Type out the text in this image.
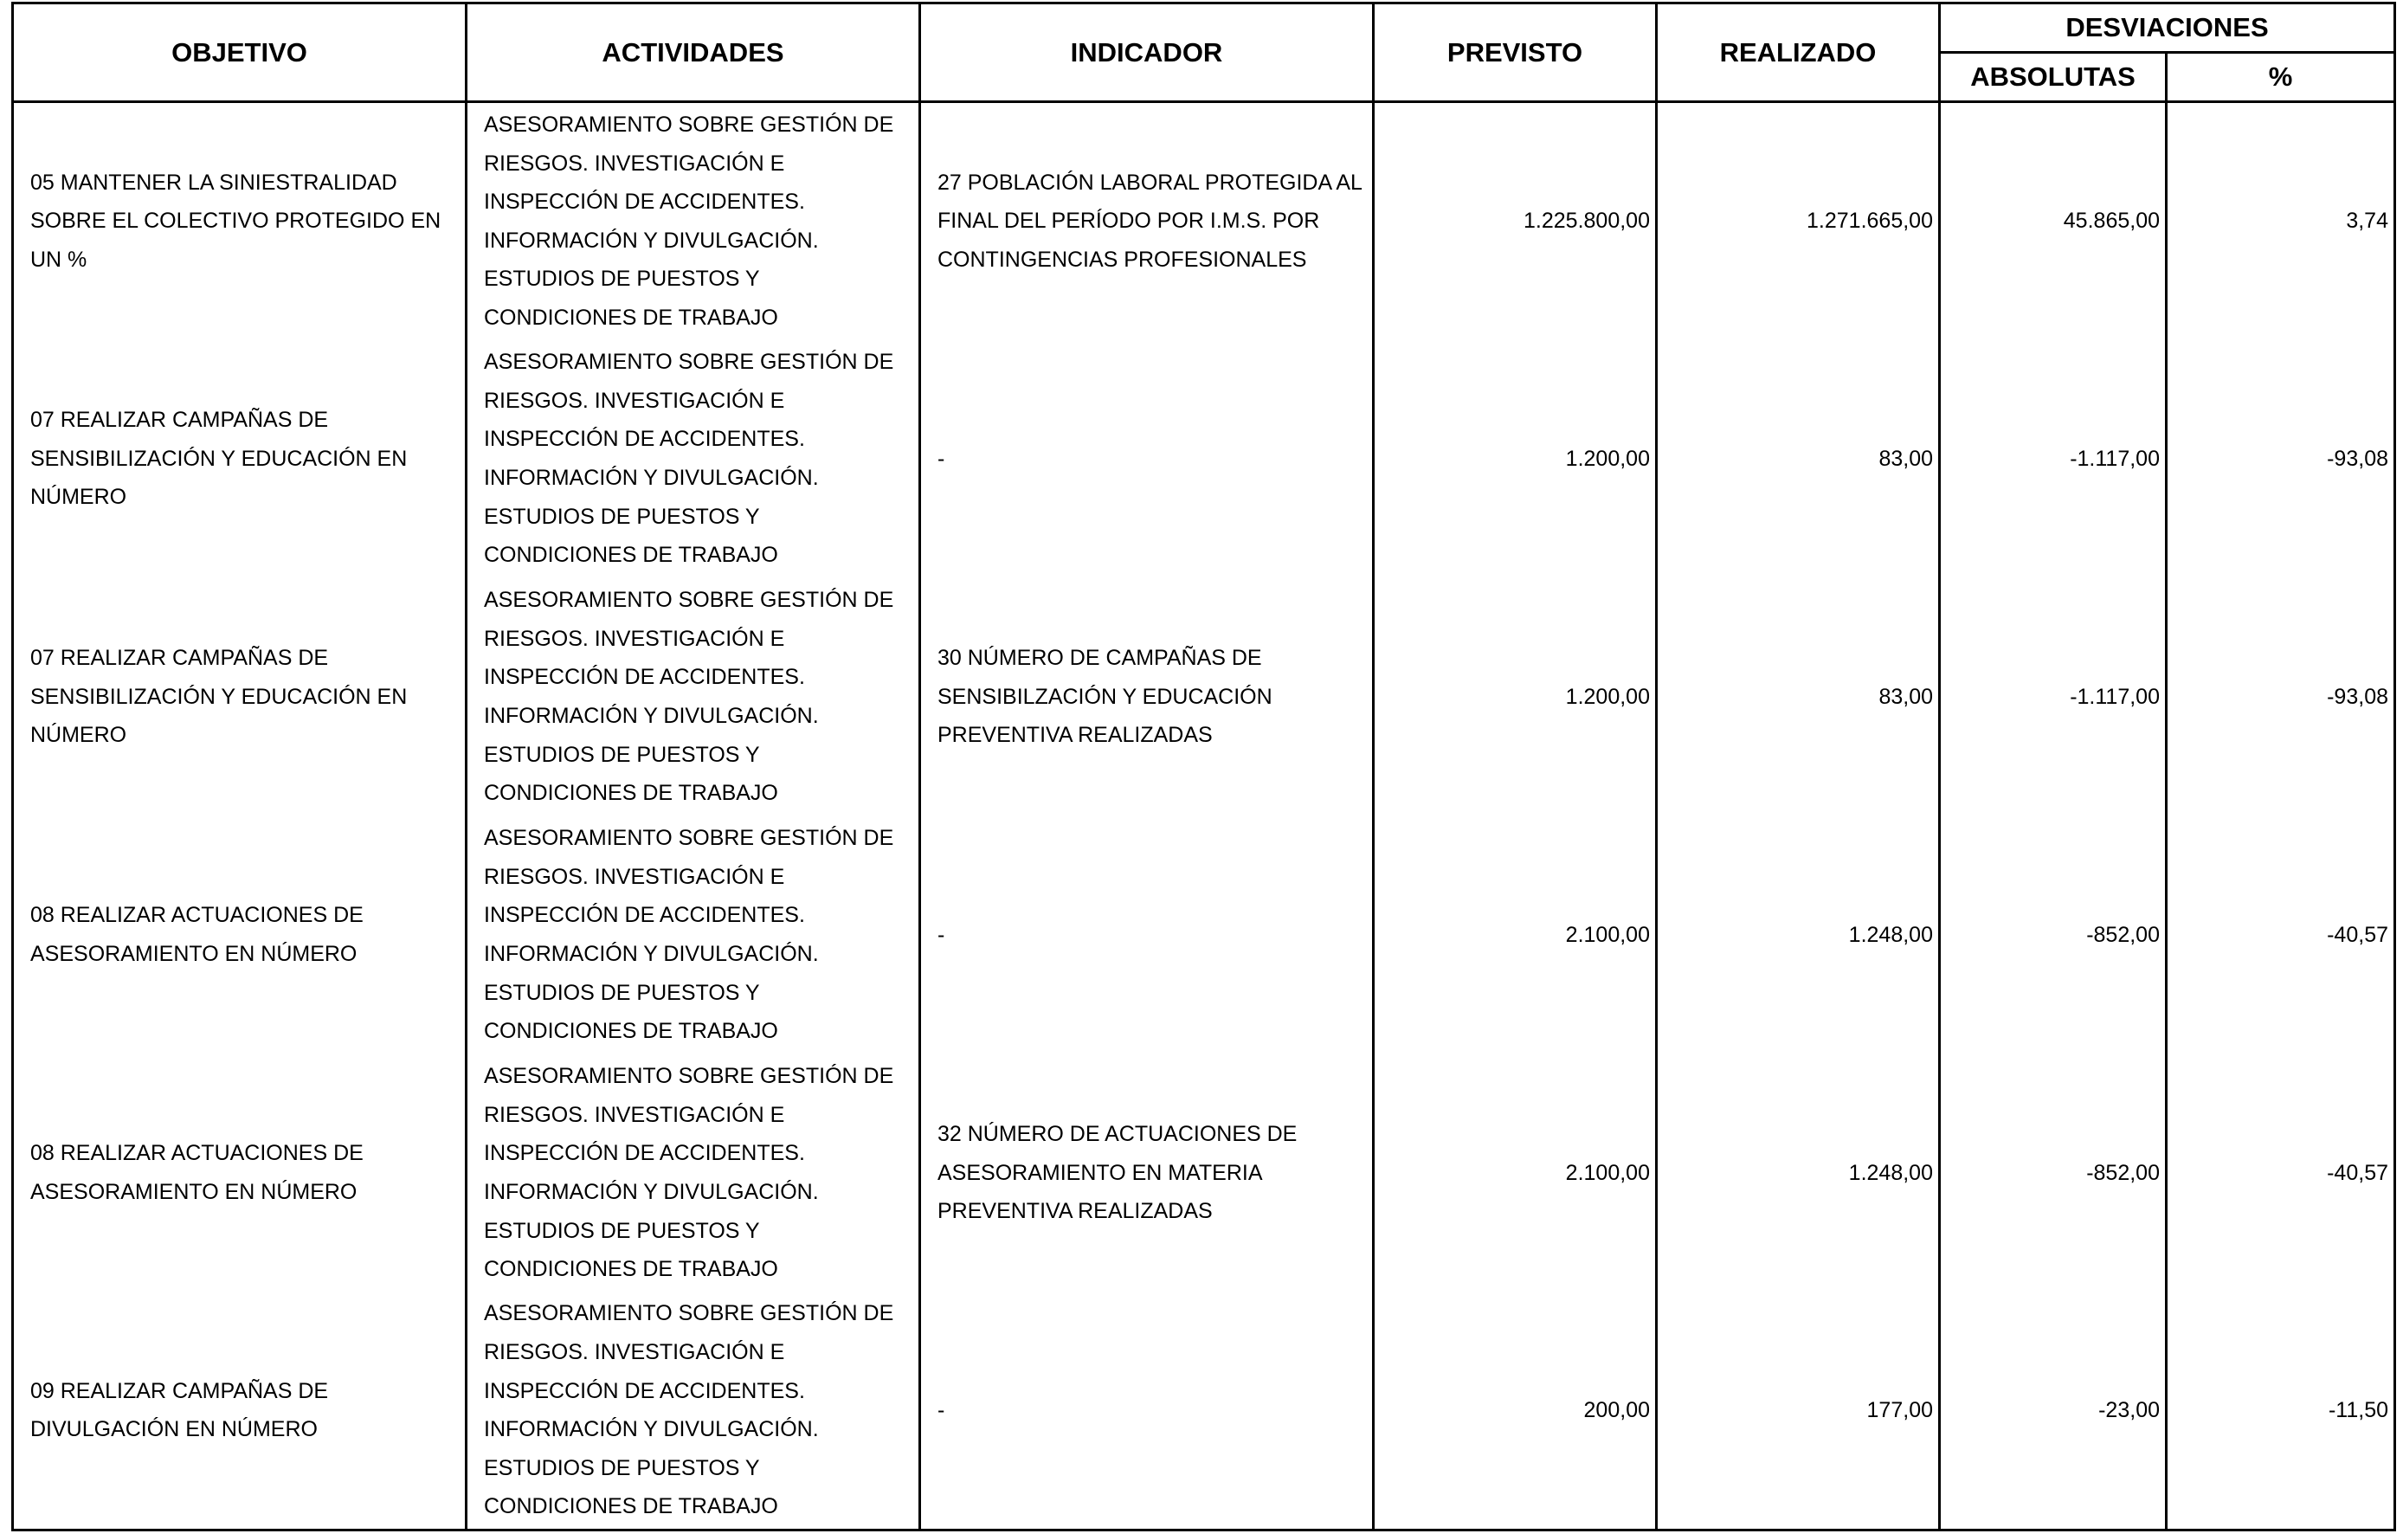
OBJETIVO	ACTIVIDADES	INDICADOR	PREVISTO	REALIZADO	DESVIACIONES	
					ABSOLUTAS	%
05 MANTENER LA SINIESTRALIDAD SOBRE EL COLECTIVO PROTEGIDO EN UN %	ASESORAMIENTO SOBRE GESTIÓN DE RIESGOS. INVESTIGACIÓN E INSPECCIÓN DE ACCIDENTES. INFORMACIÓN Y DIVULGACIÓN. ESTUDIOS DE PUESTOS Y CONDICIONES DE TRABAJO	27 POBLACIÓN LABORAL PROTEGIDA AL FINAL DEL PERÍODO POR I.M.S. POR CONTINGENCIAS PROFESIONALES	1.225.800,00	1.271.665,00	45.865,00	3,74
07 REALIZAR CAMPAÑAS DE SENSIBILIZACIÓN Y EDUCACIÓN EN NÚMERO	ASESORAMIENTO SOBRE GESTIÓN DE RIESGOS. INVESTIGACIÓN E INSPECCIÓN DE ACCIDENTES. INFORMACIÓN Y DIVULGACIÓN. ESTUDIOS DE PUESTOS Y CONDICIONES DE TRABAJO	-	1.200,00	83,00	-1.117,00	-93,08
07 REALIZAR CAMPAÑAS DE SENSIBILIZACIÓN Y EDUCACIÓN EN NÚMERO	ASESORAMIENTO SOBRE GESTIÓN DE RIESGOS. INVESTIGACIÓN E INSPECCIÓN DE ACCIDENTES. INFORMACIÓN Y DIVULGACIÓN. ESTUDIOS DE PUESTOS Y CONDICIONES DE TRABAJO	30 NÚMERO DE CAMPAÑAS DE SENSIBILZACIÓN Y EDUCACIÓN PREVENTIVA REALIZADAS	1.200,00	83,00	-1.117,00	-93,08
08 REALIZAR ACTUACIONES DE ASESORAMIENTO EN NÚMERO	ASESORAMIENTO SOBRE GESTIÓN DE RIESGOS. INVESTIGACIÓN E INSPECCIÓN DE ACCIDENTES. INFORMACIÓN Y DIVULGACIÓN. ESTUDIOS DE PUESTOS Y CONDICIONES DE TRABAJO	-	2.100,00	1.248,00	-852,00	-40,57
08 REALIZAR ACTUACIONES DE ASESORAMIENTO EN NÚMERO	ASESORAMIENTO SOBRE GESTIÓN DE RIESGOS. INVESTIGACIÓN E INSPECCIÓN DE ACCIDENTES. INFORMACIÓN Y DIVULGACIÓN. ESTUDIOS DE PUESTOS Y CONDICIONES DE TRABAJO	32 NÚMERO DE ACTUACIONES DE ASESORAMIENTO EN MATERIA PREVENTIVA REALIZADAS	2.100,00	1.248,00	-852,00	-40,57
09 REALIZAR CAMPAÑAS DE DIVULGACIÓN EN NÚMERO	ASESORAMIENTO SOBRE GESTIÓN DE RIESGOS. INVESTIGACIÓN E INSPECCIÓN DE ACCIDENTES. INFORMACIÓN Y DIVULGACIÓN. ESTUDIOS DE PUESTOS Y CONDICIONES DE TRABAJO	-	200,00	177,00	-23,00	-11,50
